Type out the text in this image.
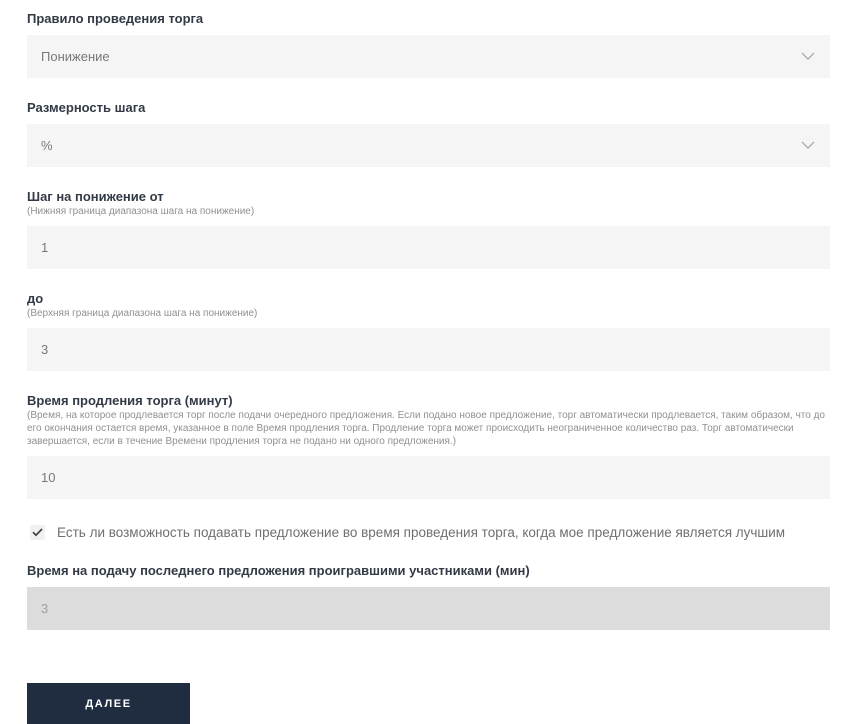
Правило проведения торга
Понижение
Размерность шага
%
Шаг на понижение от
(Нижняя граница диапазона шага на понижение)
1
до
(Верхняя граница диапазона шага на понижение)
3
Время продления торга (минут)
(Время, на которое продлевается торг после подачи очередного предложения. Если подано новое предложение, торг автоматически продлевается, таким образом, что до его окончания остается время, указанное в поле Время продления торга. Продление торга может происходить неограниченное количество раз. Торг автоматически завершается, если в течение Времени продления торга не подано ни одного предложения.)
10
Есть ли возможность подавать предложение во время проведения торга, когда мое предложение является лучшим
Время на подачу последнего предложения проигравшими участниками (мин)
3
ДАЛЕЕ
